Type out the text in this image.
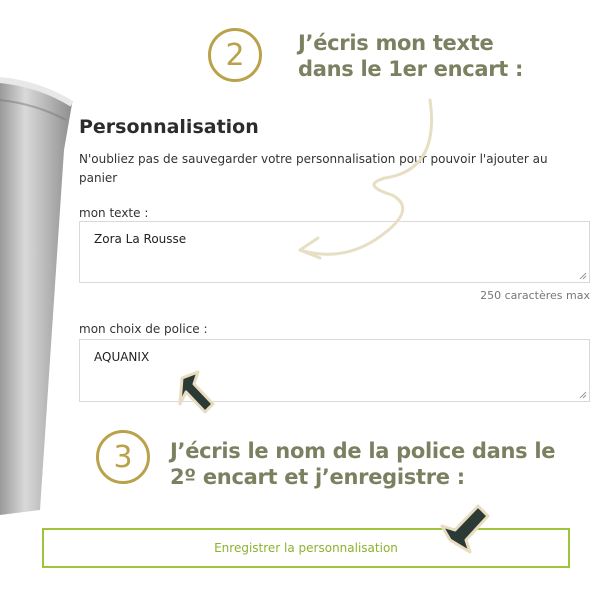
2	J’écris mon texte
dans le 1er encart :
Personnalisation

N'oubliez pas de sauvegarder votre personnalisation pour pouvoir l'ajouter au panier

mon texte :
Zora La Rousse
250 caractères max
mon choix de police :
AQUANIX
3 J’écris le nom de la police dans le
2º encart et j’enregistre :
Enregistrer la personnalisation
